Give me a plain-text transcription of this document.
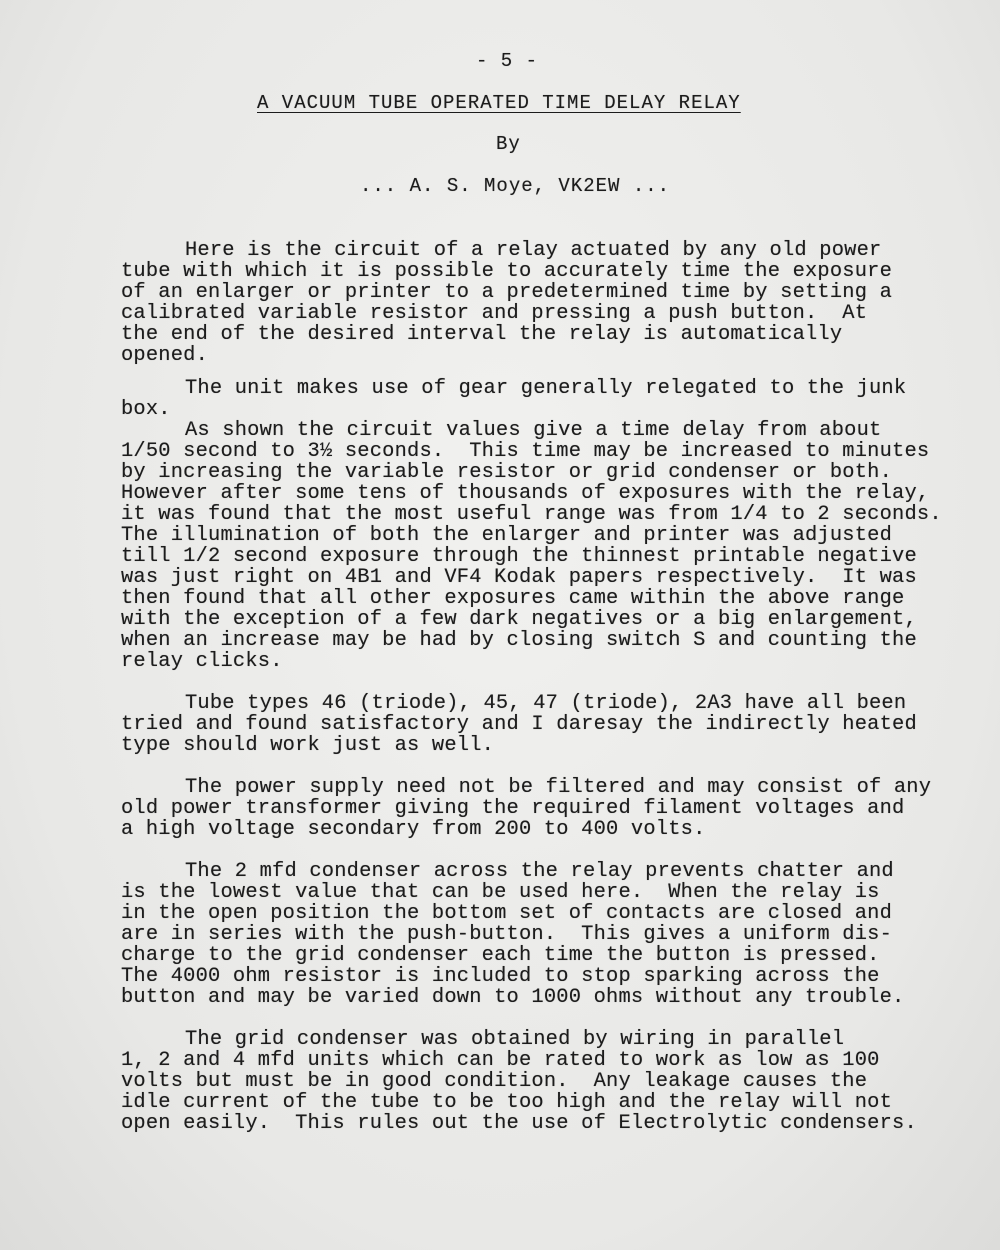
- 5 -
A VACUUM TUBE OPERATED TIME DELAY RELAY
By
... A. S. Moye, VK2EW ...
Here is the circuit of a relay actuated by any old power
tube with which it is possible to accurately time the exposure
of an enlarger or printer to a predetermined time by setting a
calibrated variable resistor and pressing a push button.  At
the end of the desired interval the relay is automatically
opened.
The unit makes use of gear generally relegated to the junk
box.
As shown the circuit values give a time delay from about
1/50 second to 3½ seconds.  This time may be increased to minutes
by increasing the variable resistor or grid condenser or both.
However after some tens of thousands of exposures with the relay,
it was found that the most useful range was from 1/4 to 2 seconds.
The illumination of both the enlarger and printer was adjusted
till 1/2 second exposure through the thinnest printable negative
was just right on 4B1 and VF4 Kodak papers respectively.  It was
then found that all other exposures came within the above range
with the exception of a few dark negatives or a big enlargement,
when an increase may be had by closing switch S and counting the
relay clicks.
Tube types 46 (triode), 45, 47 (triode), 2A3 have all been
tried and found satisfactory and I daresay the indirectly heated
type should work just as well.
The power supply need not be filtered and may consist of any
old power transformer giving the required filament voltages and
a high voltage secondary from 200 to 400 volts.
The 2 mfd condenser across the relay prevents chatter and
is the lowest value that can be used here.  When the relay is
in the open position the bottom set of contacts are closed and
are in series with the push-button.  This gives a uniform dis-
charge to the grid condenser each time the button is pressed.
The 4000 ohm resistor is included to stop sparking across the
button and may be varied down to 1000 ohms without any trouble.
The grid condenser was obtained by wiring in parallel
1, 2 and 4 mfd units which can be rated to work as low as 100
volts but must be in good condition.  Any leakage causes the
idle current of the tube to be too high and the relay will not
open easily.  This rules out the use of Electrolytic condensers.
